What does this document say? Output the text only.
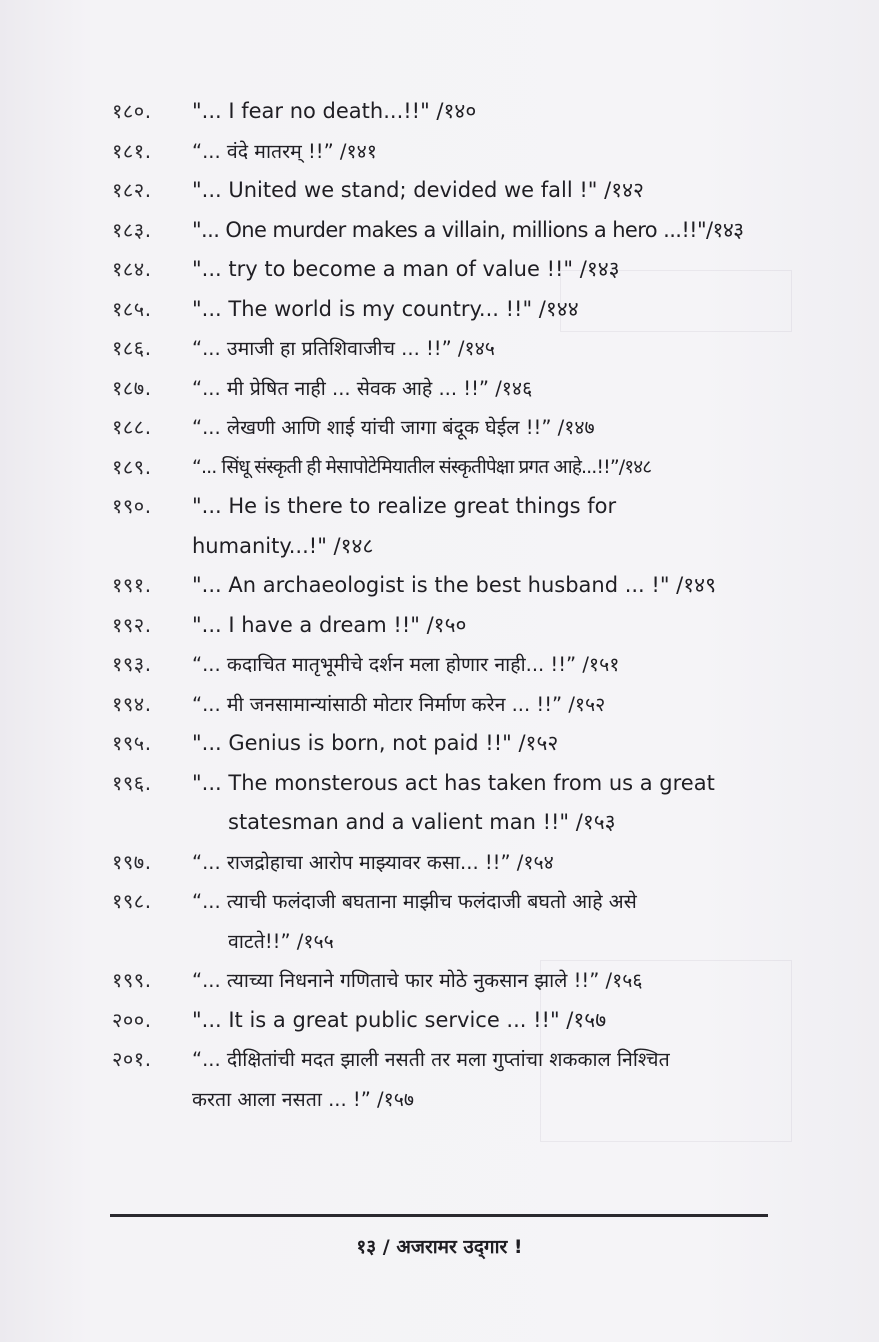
१८०.	"... I fear no death...!!" /१४०
१८१.	“... वंदे मातरम् !!” /१४१
१८२.	"... United we stand; devided we fall !" /१४२
१८३.	"... One murder makes a villain, millions a hero ...!!"/१४३
१८४.	"... try to become a man of value !!" /१४३
१८५.	"... The world is my country... !!" /१४४
१८६.	“... उमाजी हा प्रतिशिवाजीच ... !!” /१४५
१८७.	“... मी प्रेषित नाही ... सेवक आहे ... !!” /१४६
१८८.	“... लेखणी आणि शाई यांची जागा बंदूक घेईल !!” /१४७
१८९.	“... सिंधू संस्कृती ही मेसापोटेमियातील संस्कृतीपेक्षा प्रगत आहे...!!”/१४८
१९०.	"... He is there to realize great things for
humanity...!" /१४८
१९१.	"... An archaeologist is the best husband ... !" /१४९
१९२.	"... I have a dream !!" /१५०
१९३.	“... कदाचित मातृभूमीचे दर्शन मला होणार नाही... !!” /१५१
१९४.	“... मी जनसामान्यांसाठी मोटार निर्माण करेन ... !!” /१५२
१९५.	"... Genius is born, not paid !!" /१५२
१९६.	"... The monsterous act has taken from us a great
statesman and a valient man !!" /१५३
१९७.	“... राजद्रोहाचा आरोप माझ्यावर कसा... !!” /१५४
१९८.	“... त्याची फलंदाजी बघताना माझीच फलंदाजी बघतो आहे असे
वाटते!!” /१५५
१९९.	“... त्याच्या निधनाने गणिताचे फार मोठे नुकसान झाले !!” /१५६
२००.	"... It is a great public service ... !!" /१५७
२०१.	“... दीक्षितांची मदत झाली नसती तर मला गुप्तांचा शककाल निश्चित
करता आला नसता ... !” /१५७
१३ / अजरामर उद्‌गार !
